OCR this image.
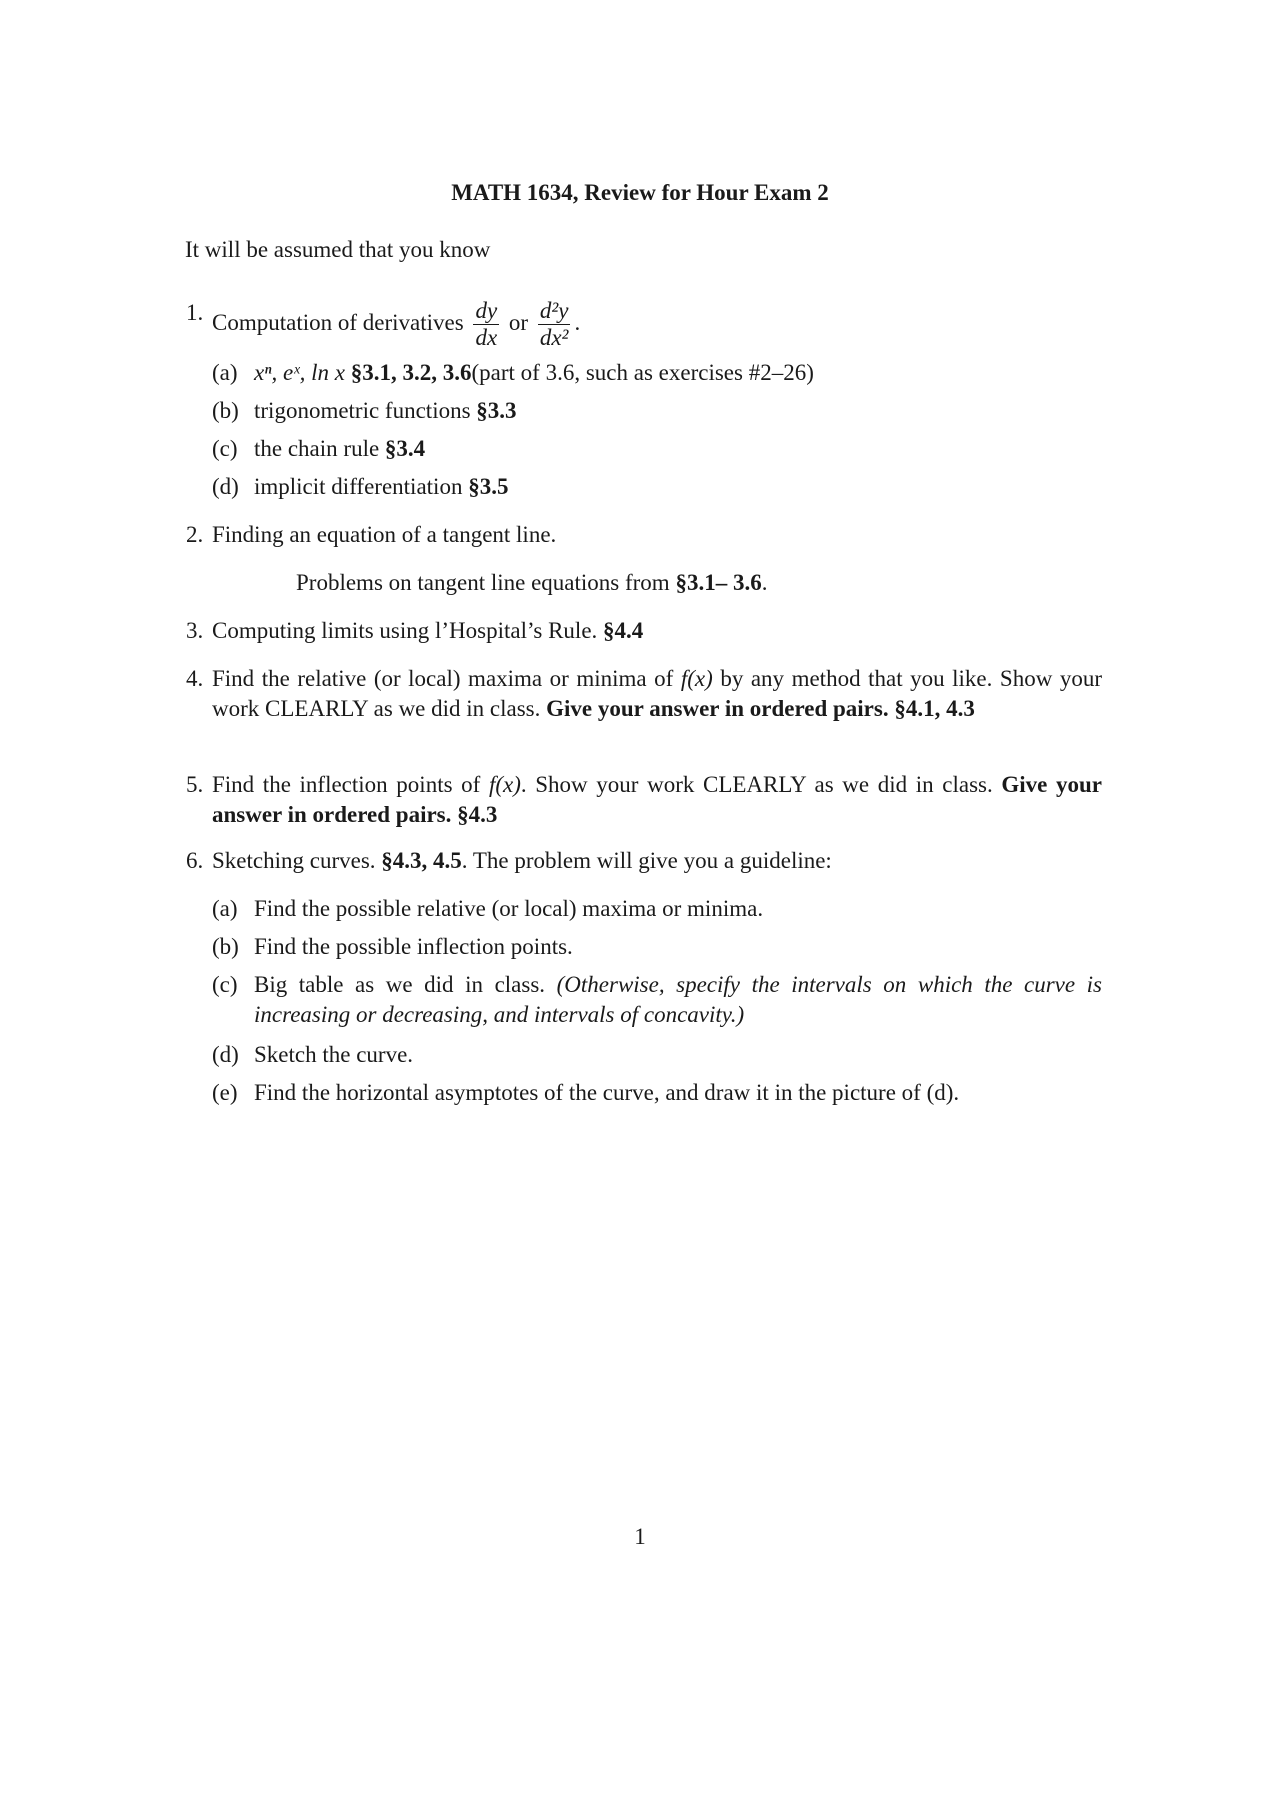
MATH 1634, Review for Hour Exam 2
It will be assumed that you know
1. Computation of derivatives $\frac{dy}{dx}$ or $\frac{\text{d²y}}{\text{dx²}}$ .
(a) xⁿ, eˣ, ln x §3.1, 3.2, 3.6(part of 3.6, such as exercises #2–26)
(b) trigonometric functions §3.3
(c) the chain rule §3.4
(d) implicit differentiation §3.5
2. Finding an equation of a tangent line.
Problems on tangent line equations from §3.1– 3.6.
3. Computing limits using l’Hospital’s Rule. §4.4
4. Find the relative (or local) maxima or minima of f(x) by any method that you like. Show your work CLEARLY as we did in class. Give your answer in ordered pairs. §4.1, 4.3
5. Find the inflection points of f(x). Show your work CLEARLY as we did in class. Give your answer in ordered pairs. §4.3
6. Sketching curves. §4.3, 4.5. The problem will give you a guideline:
(a) Find the possible relative (or local) maxima or minima.
(b) Find the possible inflection points.
(c) Big table as we did in class. (Otherwise, specify the intervals on which the curve is increasing or decreasing, and intervals of concavity.)
(d) Sketch the curve.
(e) Find the horizontal asymptotes of the curve, and draw it in the picture of (d).
1
